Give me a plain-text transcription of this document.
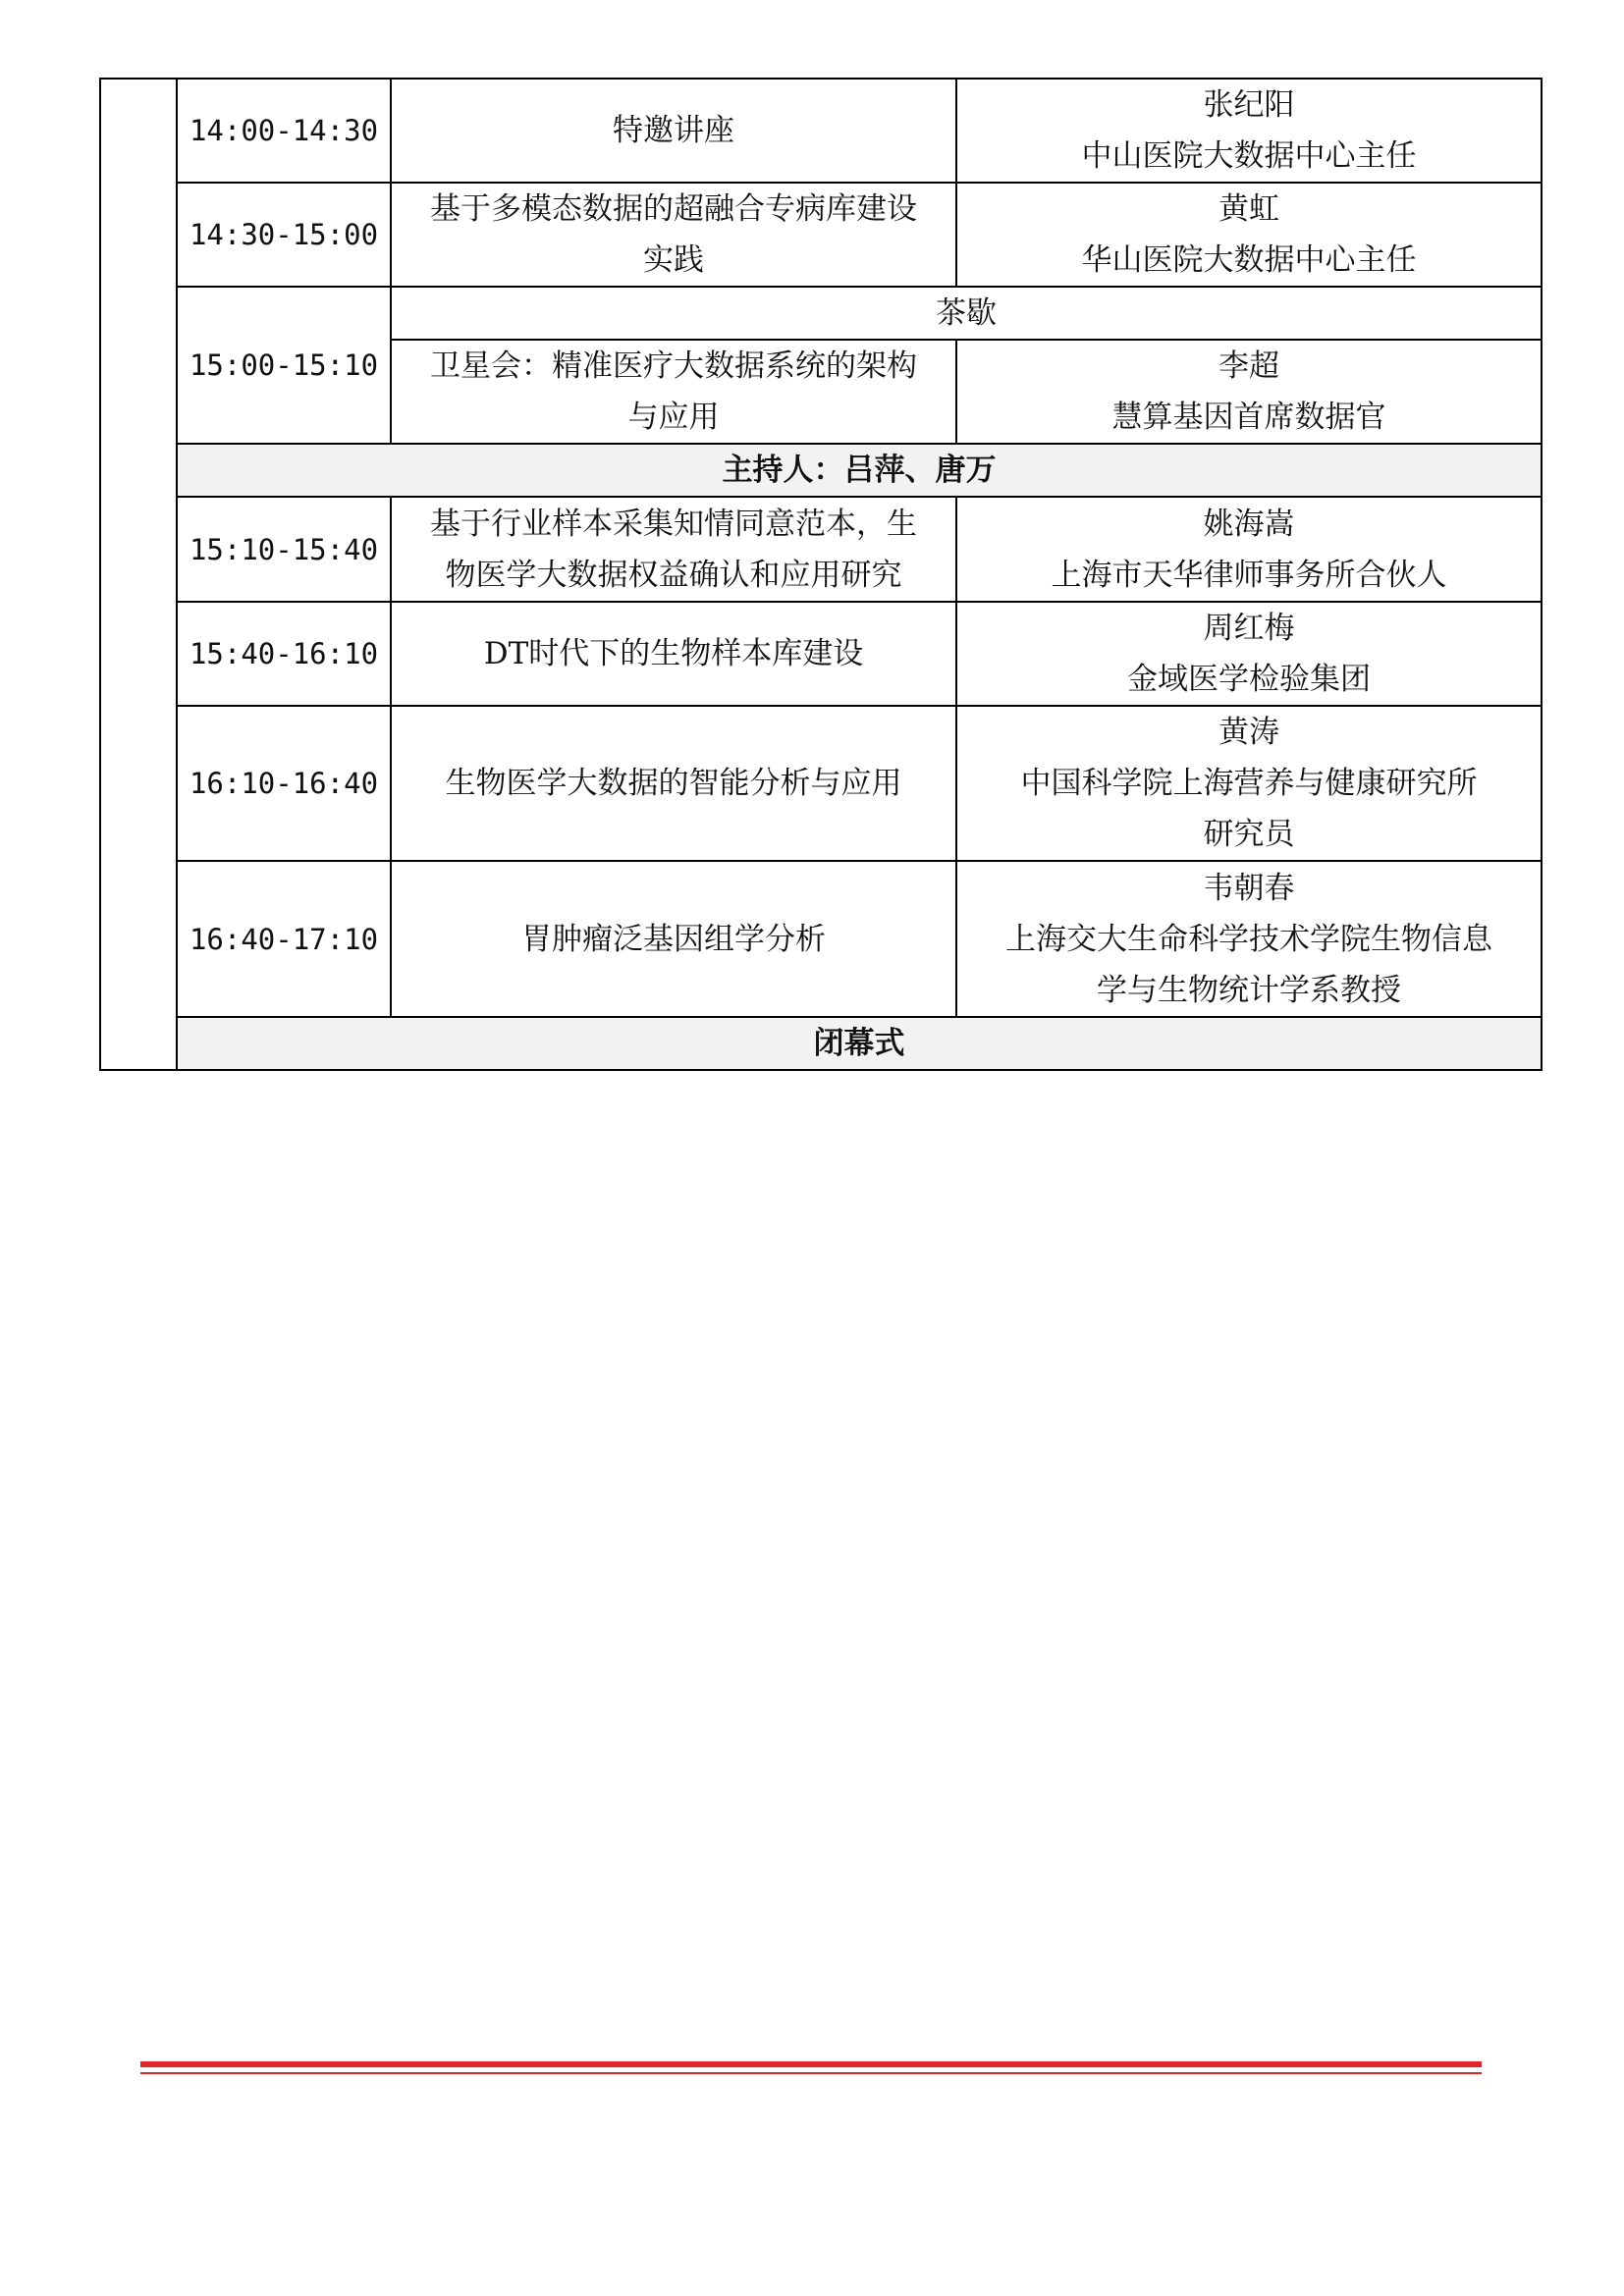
	14:00-14:30	特邀讲座	张纪阳
中山医院大数据中心主任

	14:30-15:00	基于多模态数据的超融合专病库建设
实践	黄虹
华山医院大数据中心主任

	15:00-15:10	茶歇	

		卫星会：精准医疗大数据系统的架构
与应用	李超
慧算基因首席数据官

	主持人：吕萍、唐万		
	15:10-15:40	基于行业样本采集知情同意范本，生
物医学大数据权益确认和应用研究	姚海嵩
上海市天华律师事务所合伙人

	15:40-16:10	DT时代下的生物样本库建设	周红梅
金域医学检验集团

	16:10-16:40	生物医学大数据的智能分析与应用	黄涛
中国科学院上海营养与健康研究所
研究员

	16:40-17:10	胃肿瘤泛基因组学分析	韦朝春
上海交大生命科学技术学院生物信息
学与生物统计学系教授

	闭幕式		
